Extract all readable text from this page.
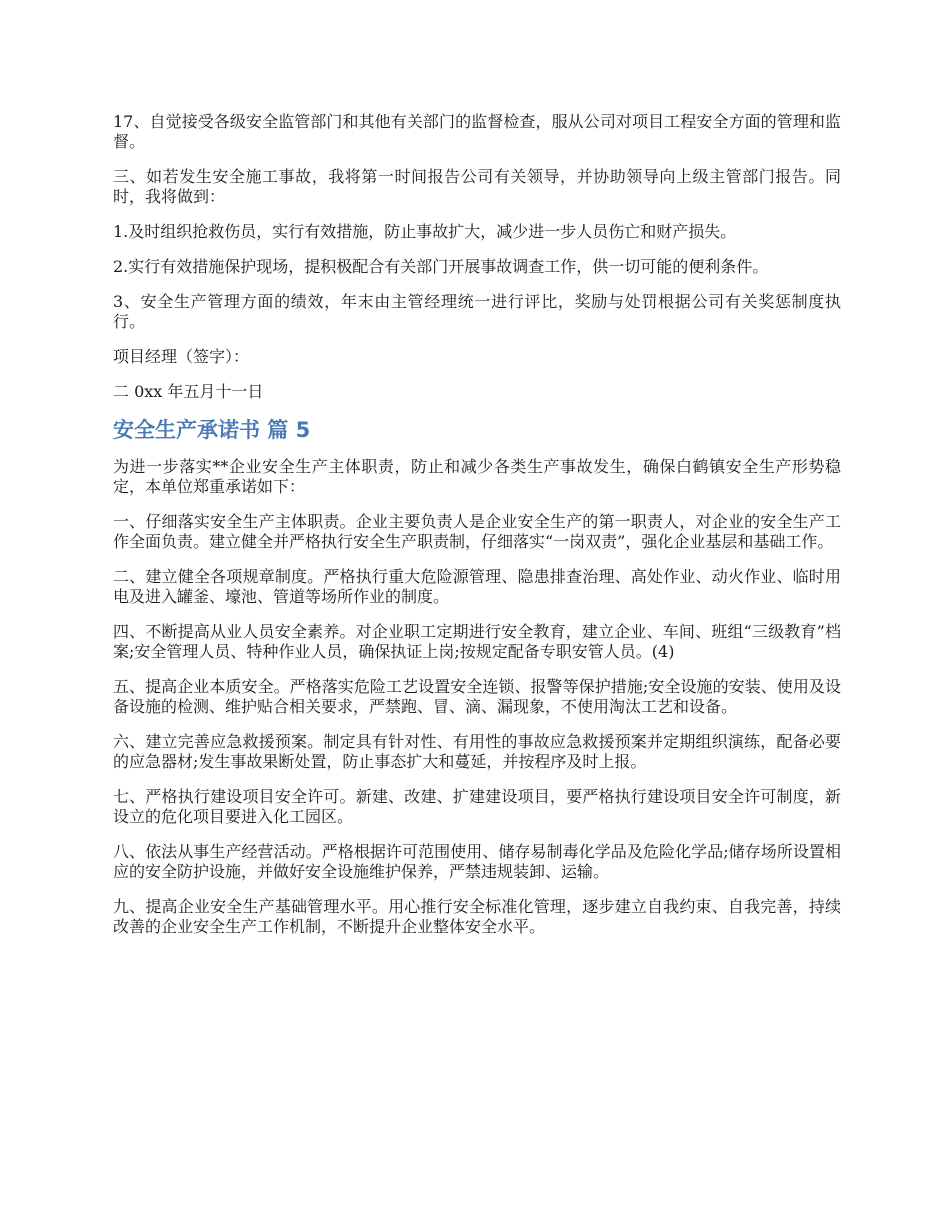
17、自觉接受各级安全监管部门和其他有关部门的监督检查，服从公司对项目工程安全方面的管理和监督。

三、如若发生安全施工事故，我将第一时间报告公司有关领导，并协助领导向上级主管部门报告。同时，我将做到：

1.及时组织抢救伤员，实行有效措施，防止事故扩大，减少进一步人员伤亡和财产损失。

2.实行有效措施保护现场，提积极配合有关部门开展事故调查工作，供一切可能的便利条件。

3、安全生产管理方面的绩效，年末由主管经理统一进行评比，奖励与处罚根据公司有关奖惩制度执行。

项目经理（签字）：

二 0xx 年五月十一日

安全生产承诺书 篇 5

为进一步落实**企业安全生产主体职责，防止和减少各类生产事故发生，确保白鹤镇安全生产形势稳定，本单位郑重承诺如下：

一、仔细落实安全生产主体职责。企业主要负责人是企业安全生产的第一职责人，对企业的安全生产工作全面负责。建立健全并严格执行安全生产职责制，仔细落实“一岗双责”，强化企业基层和基础工作。

二、建立健全各项规章制度。严格执行重大危险源管理、隐患排查治理、高处作业、动火作业、临时用电及进入罐釜、壕池、管道等场所作业的制度。

四、不断提高从业人员安全素养。对企业职工定期进行安全教育，建立企业、车间、班组“三级教育”档案;安全管理人员、特种作业人员，确保执证上岗;按规定配备专职安管人员。(4)

五、提高企业本质安全。严格落实危险工艺设置安全连锁、报警等保护措施;安全设施的安装、使用及设备设施的检测、维护贴合相关要求，严禁跑、冒、滴、漏现象，不使用淘汰工艺和设备。

六、建立完善应急救援预案。制定具有针对性、有用性的事故应急救援预案并定期组织演练，配备必要的应急器材;发生事故果断处置，防止事态扩大和蔓延，并按程序及时上报。

七、严格执行建设项目安全许可。新建、改建、扩建建设项目，要严格执行建设项目安全许可制度，新设立的危化项目要进入化工园区。

八、依法从事生产经营活动。严格根据许可范围使用、储存易制毒化学品及危险化学品;储存场所设置相应的安全防护设施，并做好安全设施维护保养，严禁违规装卸、运输。

九、提高企业安全生产基础管理水平。用心推行安全标准化管理，逐步建立自我约束、自我完善，持续改善的企业安全生产工作机制，不断提升企业整体安全水平。
